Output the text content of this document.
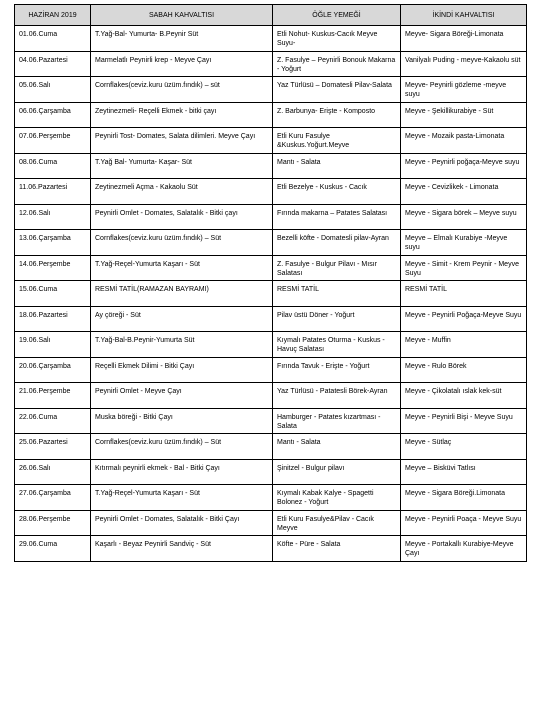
HAZİRAN 2019	SABAH KAHVALTISI	ÖĞLE YEMEĞİ	İKİNDİ KAHVALTISI
01.06.Cuma	T.Yağ-Bal- Yumurta- B.Peynir Süt	Etli Nohut- Kuskus-Cacık Meyve Suyu-	Meyve- Sigara Böreği-Limonata
04.06.Pazartesi	Marmelatlı Peynirli krep - Meyve Çayı	Z. Fasulye – Peynirli Bonouk Makarna - Yoğurt	Vanilyalı Puding - meyve-Kakaolu süt
05.06.Salı	Cornflakes(ceviz.kuru üzüm.fındık) – süt	Yaz Türlüsü – Domatesli Pilav-Salata	Meyve- Peynirli gözleme -meyve suyu
06.06.Çarşamba	Zeytinezmeli- Reçelli Ekmek - bitki çayı	Z. Barbunya- Erişte - Komposto	Meyve - Şekillikurabiye - Süt
07.06.Perşembe	Peynirli Tost- Domates, Salata dilimleri. Meyve Çayı	Etli Kuru Fasulye &Kuskus.Yoğurt.Meyve	Meyve - Mozaik pasta-Limonata
08.06.Cuma	T.Yağ Bal- Yumurta- Kaşar- Süt	Mantı - Salata	Meyve - Peynirli poğaça-Meyve suyu
11.06.Pazartesi	Zeytinezmeli Açma - Kakaolu Süt	Etli Bezelye - Kuskus - Cacık	Meyve - Cevizlikek - Limonata
12.06.Salı	Peynirli Omlet - Domates, Salatalık - Bitki çayı	Fırında makarna – Patates Salatası	Meyve - Sigara börek – Meyve suyu
13.06.Çarşamba	Cornflakes(ceviz.kuru üzüm.fındık) – Süt	Bezelli köfte - Domatesli pilav-Ayran	Meyve – Elmalı Kurabiye -Meyve suyu
14.06.Perşembe	T.Yağ-Reçel-Yumurta Kaşarı - Süt	Z. Fasulye - Bulgur Pilavı - Mısır Salatası	Meyve - Simit - Krem Peynir - Meyve Suyu
15.06.Cuma	RESMİ TATİL(RAMAZAN BAYRAMI)	RESMİ TATİL	RESMİ TATİL
18.06.Pazartesi	Ay çöreği - Süt	Pilav üstü Döner - Yoğurt	Meyve - Peynirli Poğaça-Meyve Suyu
19.06.Salı	T.Yağ-Bal-B.Peynir-Yumurta Süt	Kıymalı Patates Oturma - Kuskus - Havuç Salatası	Meyve - Muffin
20.06.Çarşamba	Reçelli Ekmek Dilimi - Bitki Çayı	Fırında Tavuk - Erişte - Yoğurt	Meyve - Rulo Börek
21.06.Perşembe	Peynirli Omlet - Meyve Çayı	Yaz Türlüsü - Patatesli Börek-Ayran	Meyve - Çikolatalı ıslak kek-süt
22.06.Cuma	Muska böreği - Bitki Çayı	Hamburger - Patates kızartması - Salata	Meyve - Peynirli Bişi - Meyve Suyu
25.06.Pazartesi	Cornflakes(ceviz.kuru üzüm.fındık) – Süt	Mantı - Salata	Meyve - Sütlaç
26.06.Salı	Kıtırmalı peynirli ekmek - Bal - Bitki Çayı	Şinitzel - Bulgur pilavı	Meyve – Bisküvi Tatlısı
27.06.Çarşamba	T.Yağ-Reçel-Yumurta Kaşarı - Süt	Kıymalı Kabak Kalye - Spagetti Bolonez - Yoğurt	Meyve - Sigara Böreği.Limonata
28.06.Perşembe	Peynirli Omlet - Domates, Salatalık - Bitki Çayı	Etli Kuru Fasulye&Pilav - Cacık Meyve	Meyve - Peynirli Poaça - Meyve Suyu
29.06.Cuma	Kaşarlı - Beyaz Peynirli Sandviç - Süt	Köfte - Püre - Salata	Meyve - Portakallı Kurabiye-Meyve Çayı
